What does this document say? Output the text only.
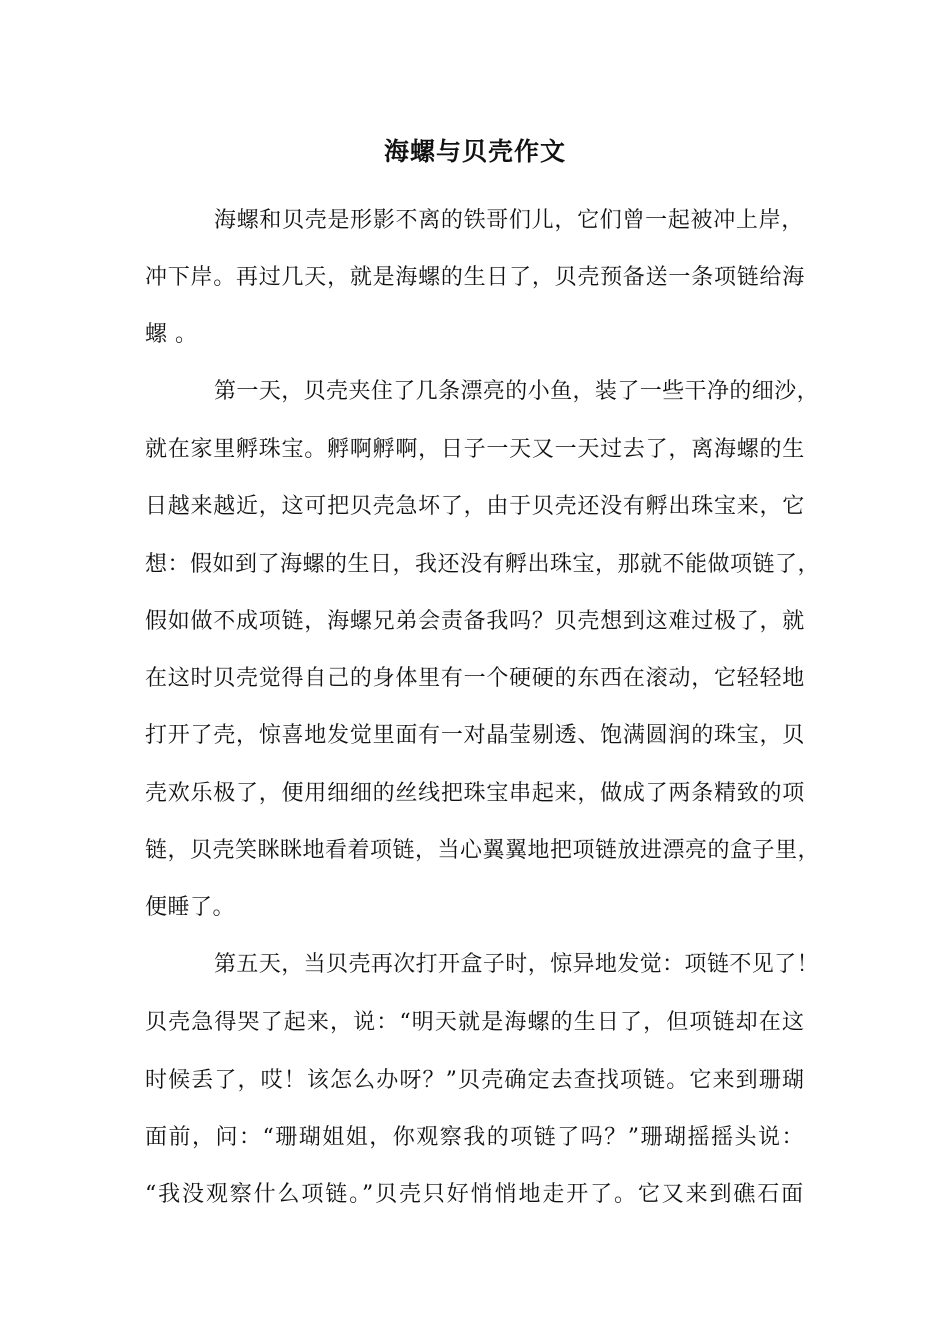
海螺与贝壳作文
海螺和贝壳是形影不离的铁哥们儿，它们曾一起被冲上岸，
冲下岸。再过几天，就是海螺的生日了，贝壳预备送一条项链给海
螺。
第一天，贝壳夹住了几条漂亮的小鱼，装了一些干净的细沙，
就在家里孵珠宝。孵啊孵啊，日子一天又一天过去了，离海螺的生
日越来越近，这可把贝壳急坏了，由于贝壳还没有孵出珠宝来，它
想：假如到了海螺的生日，我还没有孵出珠宝，那就不能做项链了，
假如做不成项链，海螺兄弟会责备我吗？贝壳想到这难过极了，就
在这时贝壳觉得自己的身体里有一个硬硬的东西在滚动，它轻轻地
打开了壳，惊喜地发觉里面有一对晶莹剔透、饱满圆润的珠宝，贝
壳欢乐极了，便用细细的丝线把珠宝串起来，做成了两条精致的项
链，贝壳笑眯眯地看着项链，当心翼翼地把项链放进漂亮的盒子里，
便睡了。
第五天，当贝壳再次打开盒子时，惊异地发觉：项链不见了！
贝壳急得哭了起来，说：“明天就是海螺的生日了，但项链却在这
时候丢了，哎！该怎么办呀？”贝壳确定去查找项链。它来到珊瑚
面前，问：“珊瑚姐姐，你观察我的项链了吗？”珊瑚摇摇头说：
“我没观察什么项链。”贝壳只好悄悄地走开了。它又来到礁石面
